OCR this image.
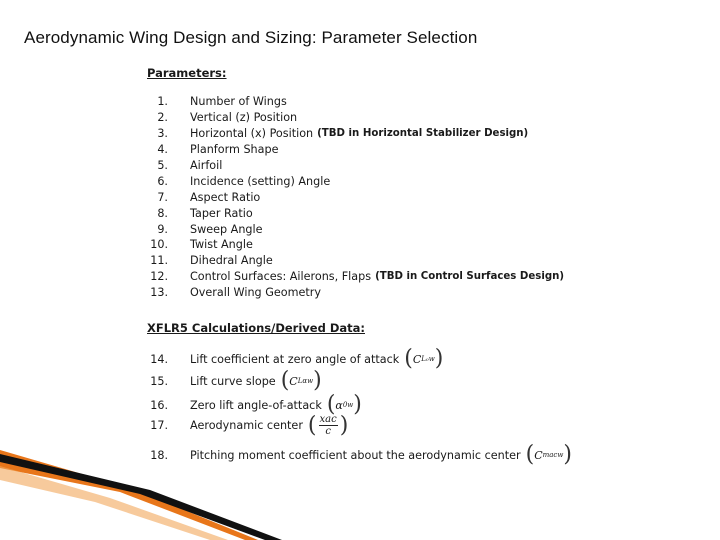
Aerodynamic Wing Design and Sizing: Parameter Selection

Parameters:

1. Number of Wings
2. Vertical (z) Position
3. Horizontal (x) Position (TBD in Horizontal Stabilizer Design)
4. Planform Shape
5. Airfoil
6. Incidence (setting) Angle
7. Aspect Ratio
8. Taper Ratio
9. Sweep Angle
10. Twist Angle
11. Dihedral Angle
12. Control Surfaces: Ailerons, Flaps (TBD in Control Surfaces Design)
13. Overall Wing Geometry

XFLR5 Calculations/Derived Data:

14. Lift coefficient at zero angle of attack ( C L₀w )
15. Lift curve slope ( C Lαw )
16. Zero lift angle-of-attack ( α 0w )
17. Aerodynamic center ( $\frac{\text{xac}}{c}$ )
18. Pitching moment coefficient about the aerodynamic center ( C macw )
